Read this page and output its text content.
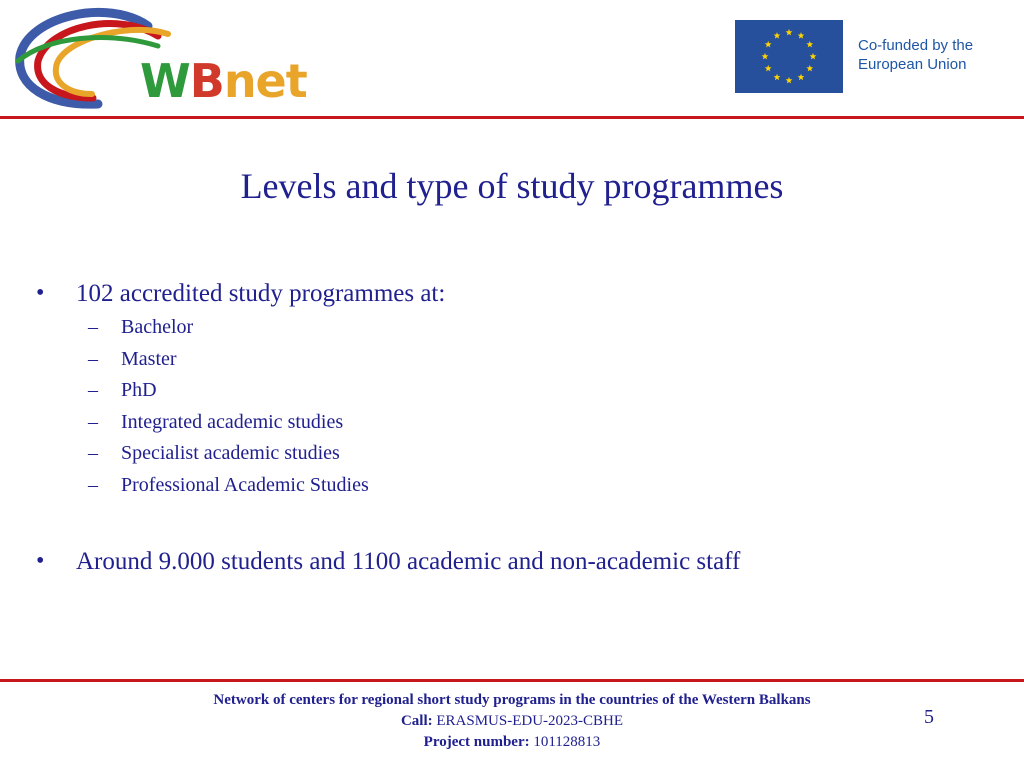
WBnet
Co-funded by the
European Union
Levels and type of study programmes
• 102 accredited study programmes at:
– Bachelor
– Master
– PhD
– Integrated academic studies
– Specialist academic studies
– Professional Academic Studies
• Around 9.000 students and 1100 academic and non-academic staff
Network of centers for regional short study programs in the countries of the Western Balkans
Call: ERASMUS-EDU-2023-CBHE
Project number: 101128813
5
